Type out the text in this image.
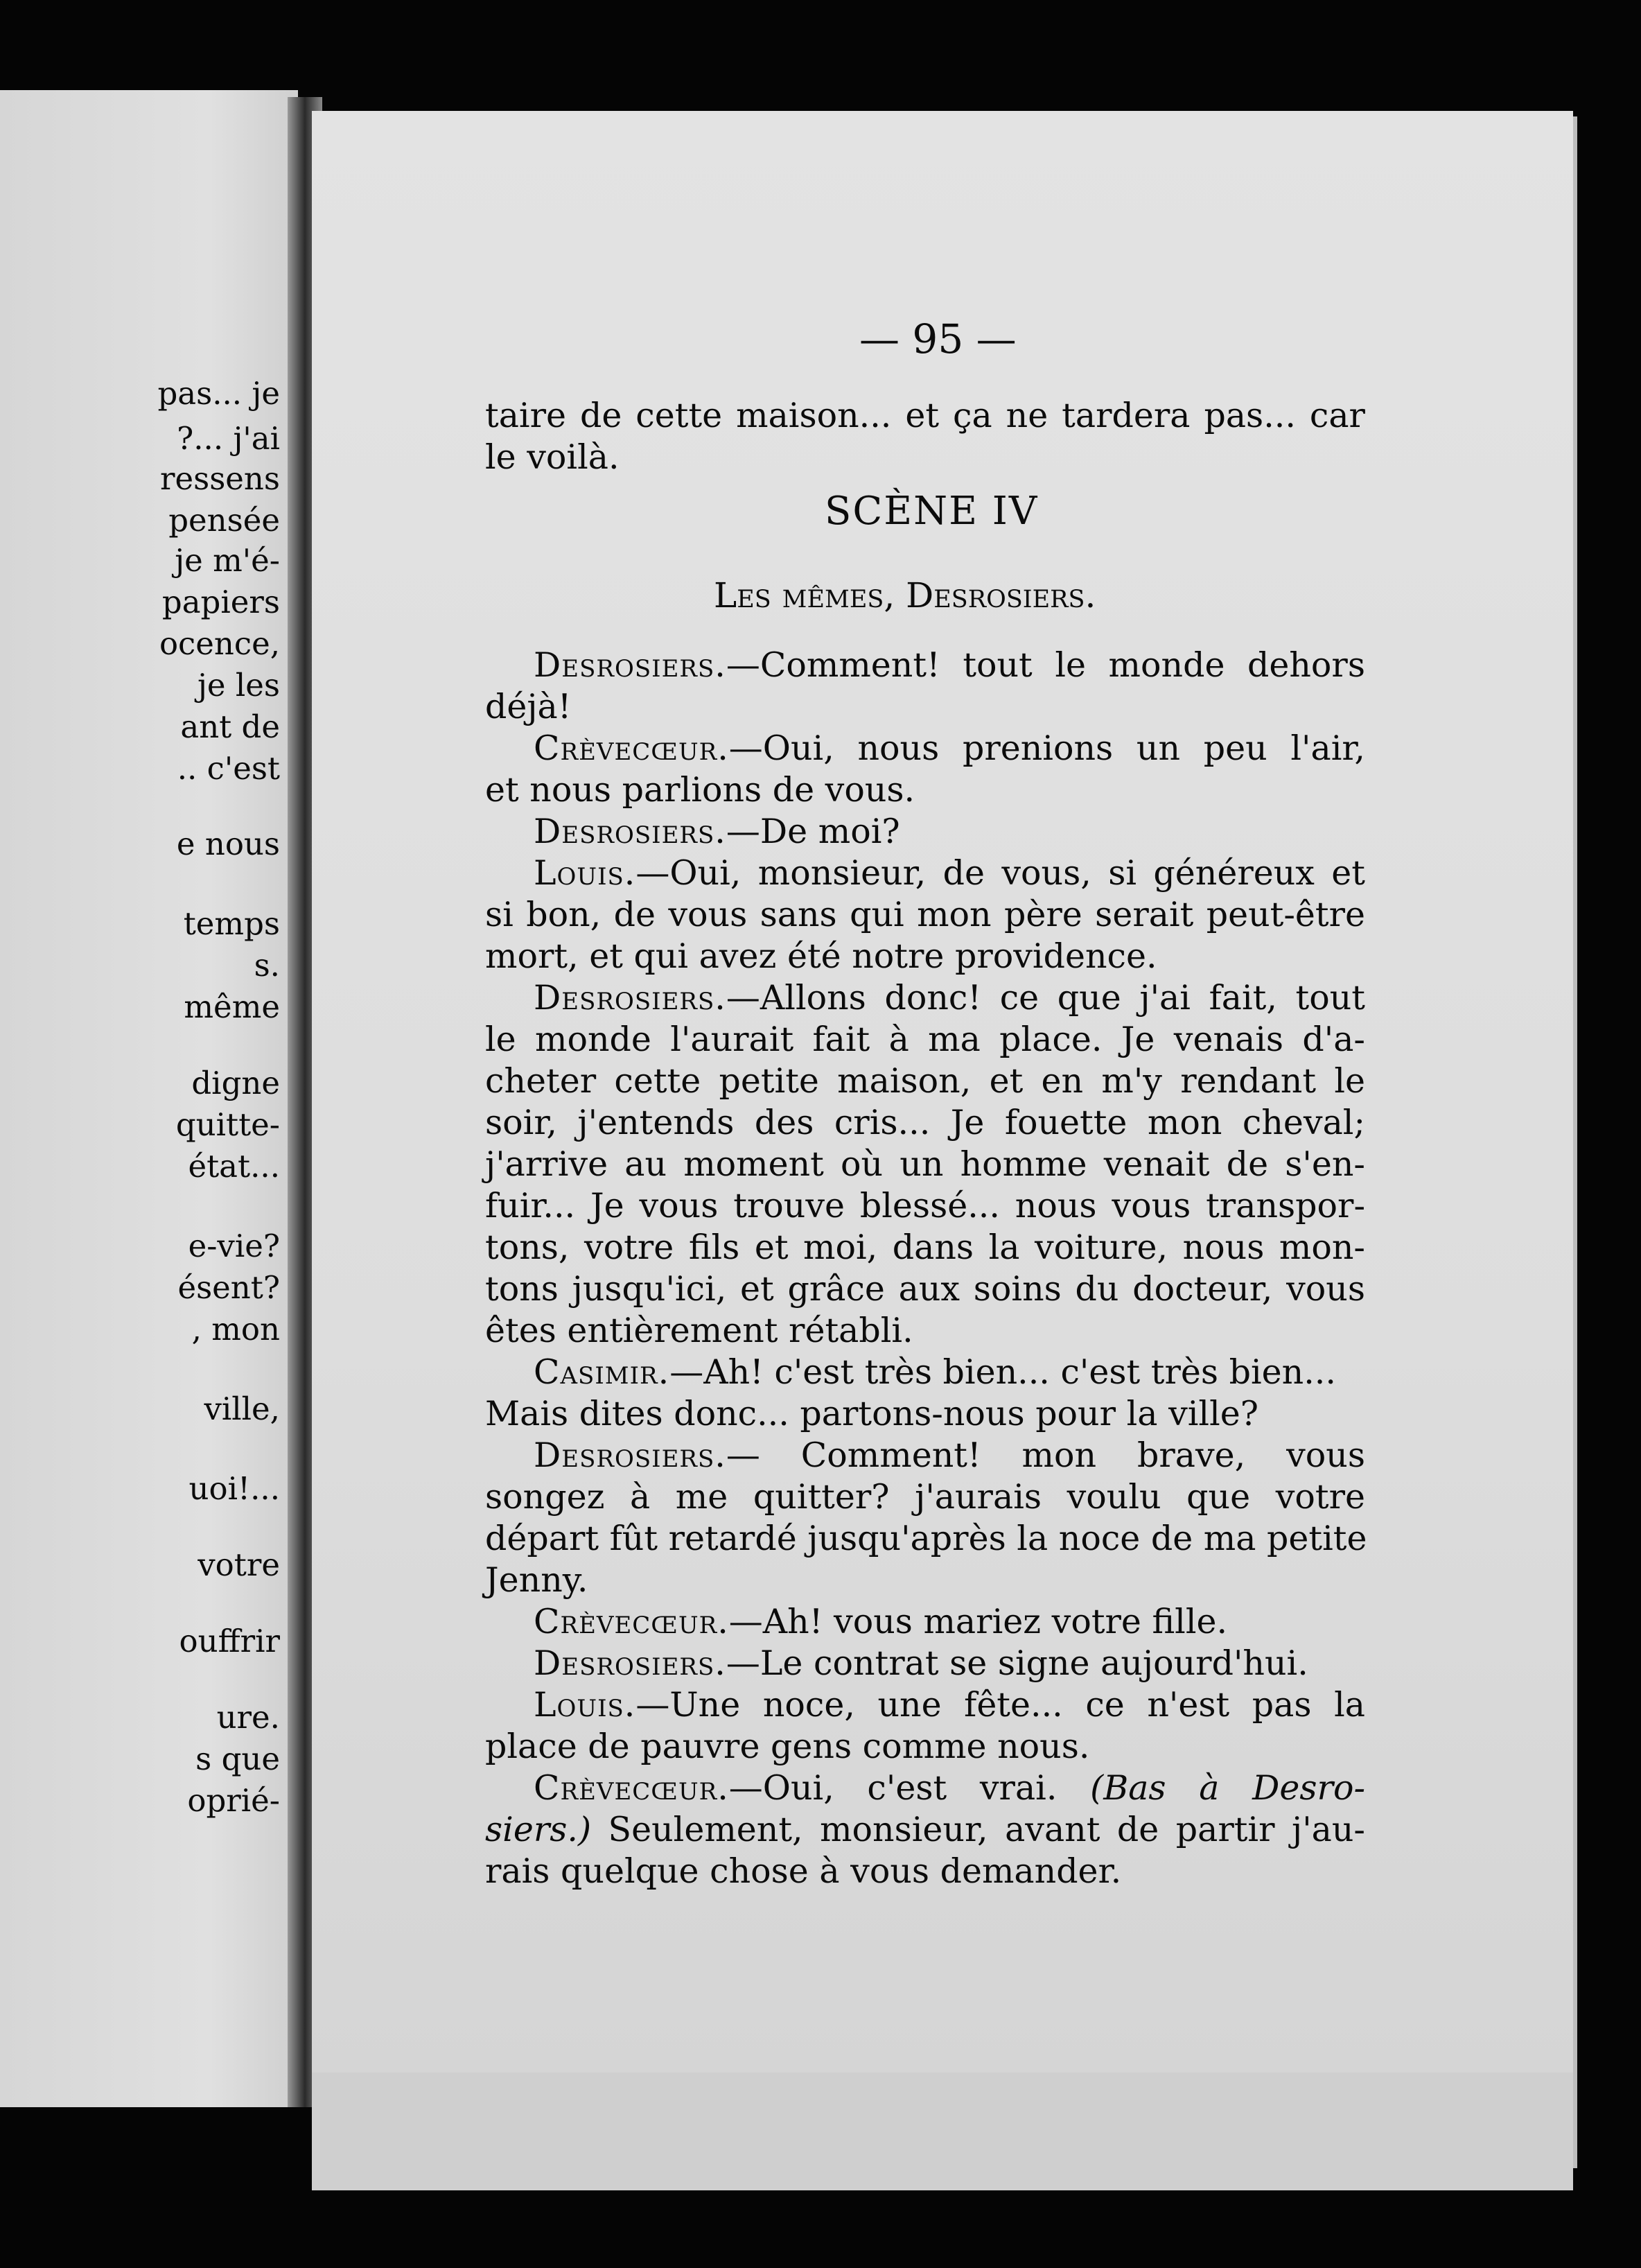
pas... je
?... j'ai
ressens
pensée
je m'é-
papiers
ocence,
je les
ant de
.. c'est
e nous
temps
s.
même
digne
quitte-
état...
e-vie?
ésent?
, mon
ville,
uoi!...
votre
ouffrir
ure.
s que
oprié-
— 95 —
taire de cette maison... et ça ne tardera pas... car
le voilà.
Desrosiers.—Comment! tout le monde dehors
déjà!
Crèvecœur.—Oui, nous prenions un peu l'air,
et nous parlions de vous.
Desrosiers.—De moi?
Louis.—Oui, monsieur, de vous, si généreux et
si bon, de vous sans qui mon père serait peut-être
mort, et qui avez été notre providence.
Desrosiers.—Allons donc! ce que j'ai fait, tout
le monde l'aurait fait à ma place. Je venais d'a-
cheter cette petite maison, et en m'y rendant le
soir, j'entends des cris... Je fouette mon cheval;
j'arrive au moment où un homme venait de s'en-
fuir... Je vous trouve blessé... nous vous transpor-
tons, votre fils et moi, dans la voiture, nous mon-
tons jusqu'ici, et grâce aux soins du docteur, vous
êtes entièrement rétabli.
Casimir.—Ah! c'est très bien... c'est très bien...
Mais dites donc... partons-nous pour la ville?
Desrosiers.— Comment! mon brave, vous
songez à me quitter? j'aurais voulu que votre
départ fût retardé jusqu'après la noce de ma petite
Jenny.
Crèvecœur.—Ah! vous mariez votre fille.
Desrosiers.—Le contrat se signe aujourd'hui.
Louis.—Une noce, une fête... ce n'est pas la
place de pauvre gens comme nous.
Crèvecœur.—Oui, c'est vrai. (Bas à Desro-
siers.) Seulement, monsieur, avant de partir j'au-
rais quelque chose à vous demander.
SCÈNE IV
Les mêmes, Desrosiers.
